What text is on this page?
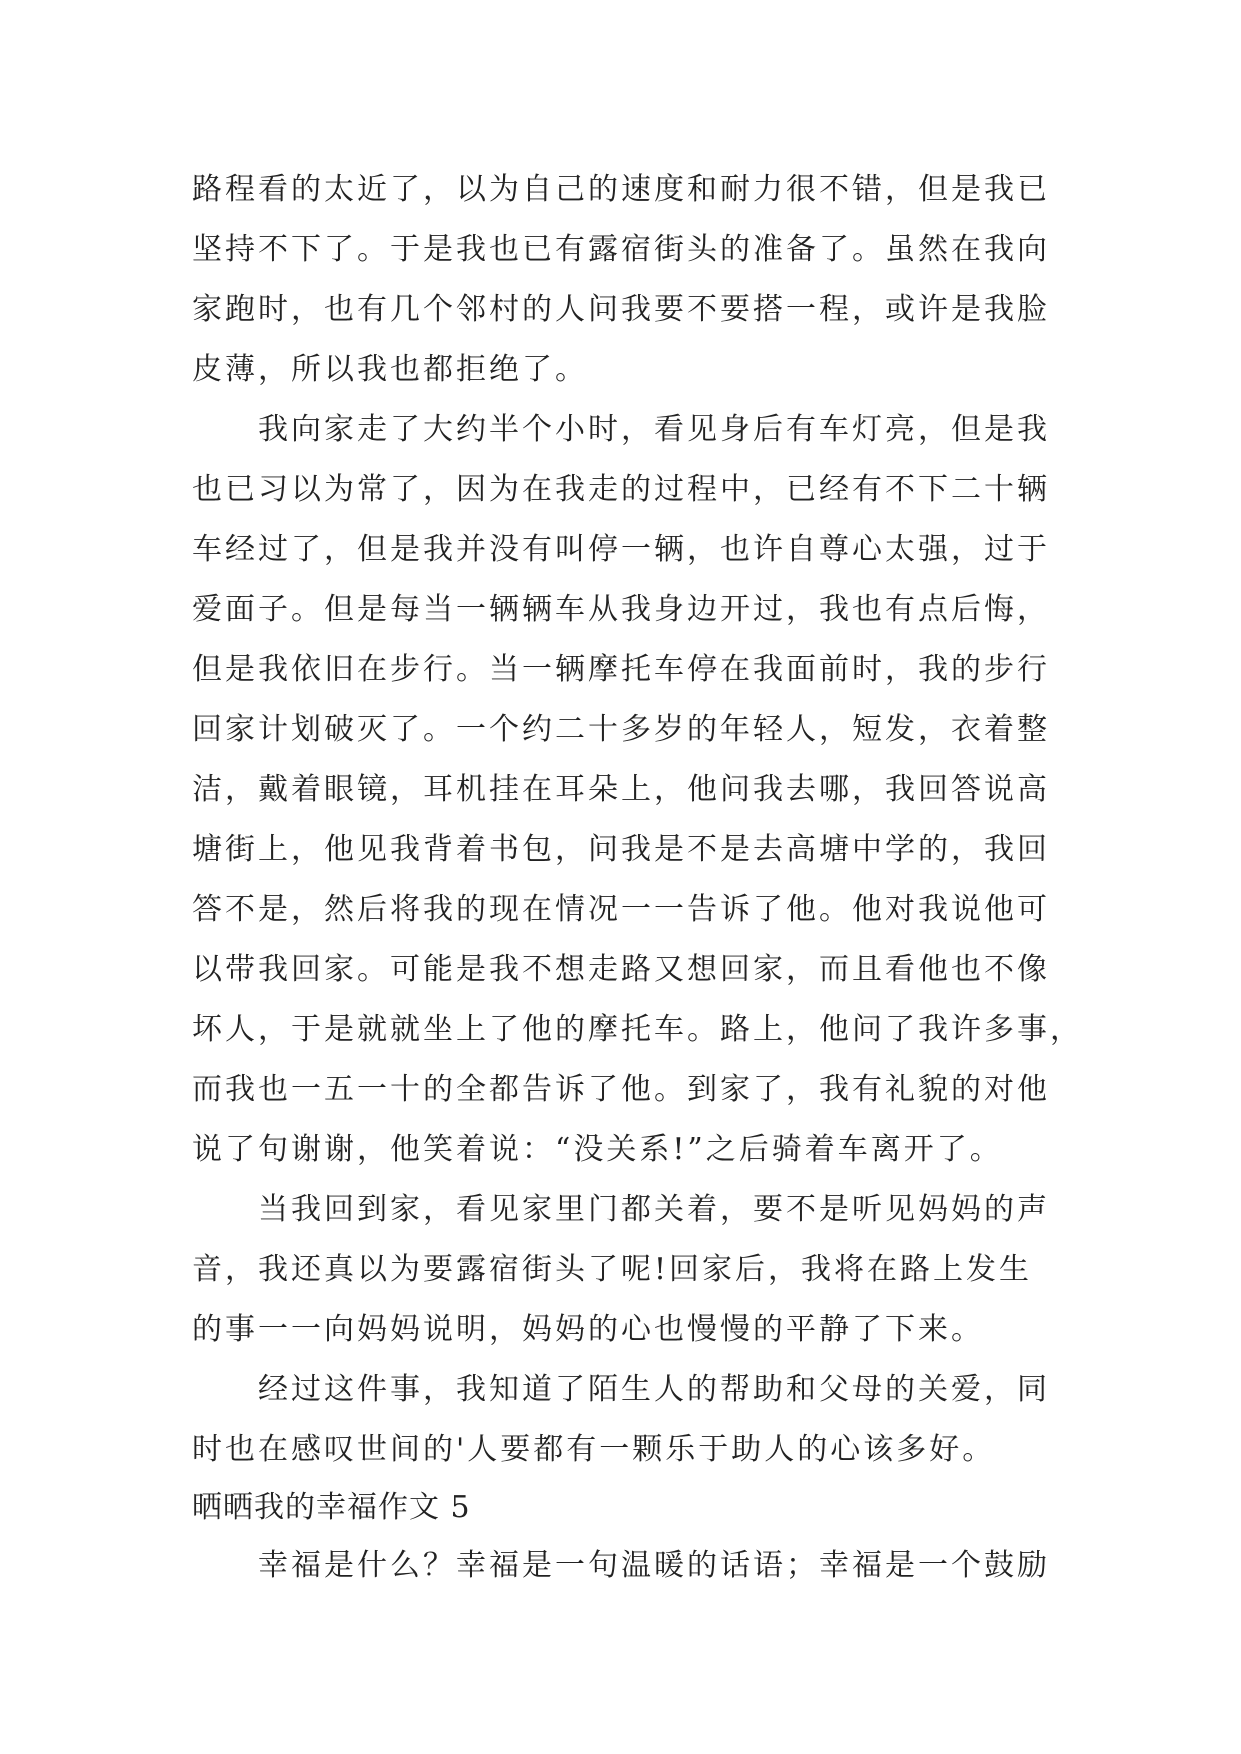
路程看的太近了，以为自己的速度和耐力很不错，但是我已
坚持不下了。于是我也已有露宿街头的准备了。虽然在我向
家跑时，也有几个邻村的人问我要不要搭一程，或许是我脸
皮薄，所以我也都拒绝了。
我向家走了大约半个小时，看见身后有车灯亮，但是我
也已习以为常了，因为在我走的过程中，已经有不下二十辆
车经过了，但是我并没有叫停一辆，也许自尊心太强，过于
爱面子。但是每当一辆辆车从我身边开过，我也有点后悔，
但是我依旧在步行。当一辆摩托车停在我面前时，我的步行
回家计划破灭了。一个约二十多岁的年轻人，短发，衣着整
洁，戴着眼镜，耳机挂在耳朵上，他问我去哪，我回答说高
塘街上，他见我背着书包，问我是不是去高塘中学的，我回
答不是，然后将我的现在情况一一告诉了他。他对我说他可
以带我回家。可能是我不想走路又想回家，而且看他也不像
坏人，于是就就坐上了他的摩托车。路上，他问了我许多事，
而我也一五一十的全都告诉了他。到家了，我有礼貌的对他
说了句谢谢，他笑着说：“没关系!”之后骑着车离开了。
当我回到家，看见家里门都关着，要不是听见妈妈的声
音，我还真以为要露宿街头了呢!回家后，我将在路上发生
的事一一向妈妈说明，妈妈的心也慢慢的平静了下来。
经过这件事，我知道了陌生人的帮助和父母的关爱，同
时也在感叹世间的'人要都有一颗乐于助人的心该多好。
晒晒我的幸福作文 5
幸福是什么？幸福是一句温暖的话语；幸福是一个鼓励
